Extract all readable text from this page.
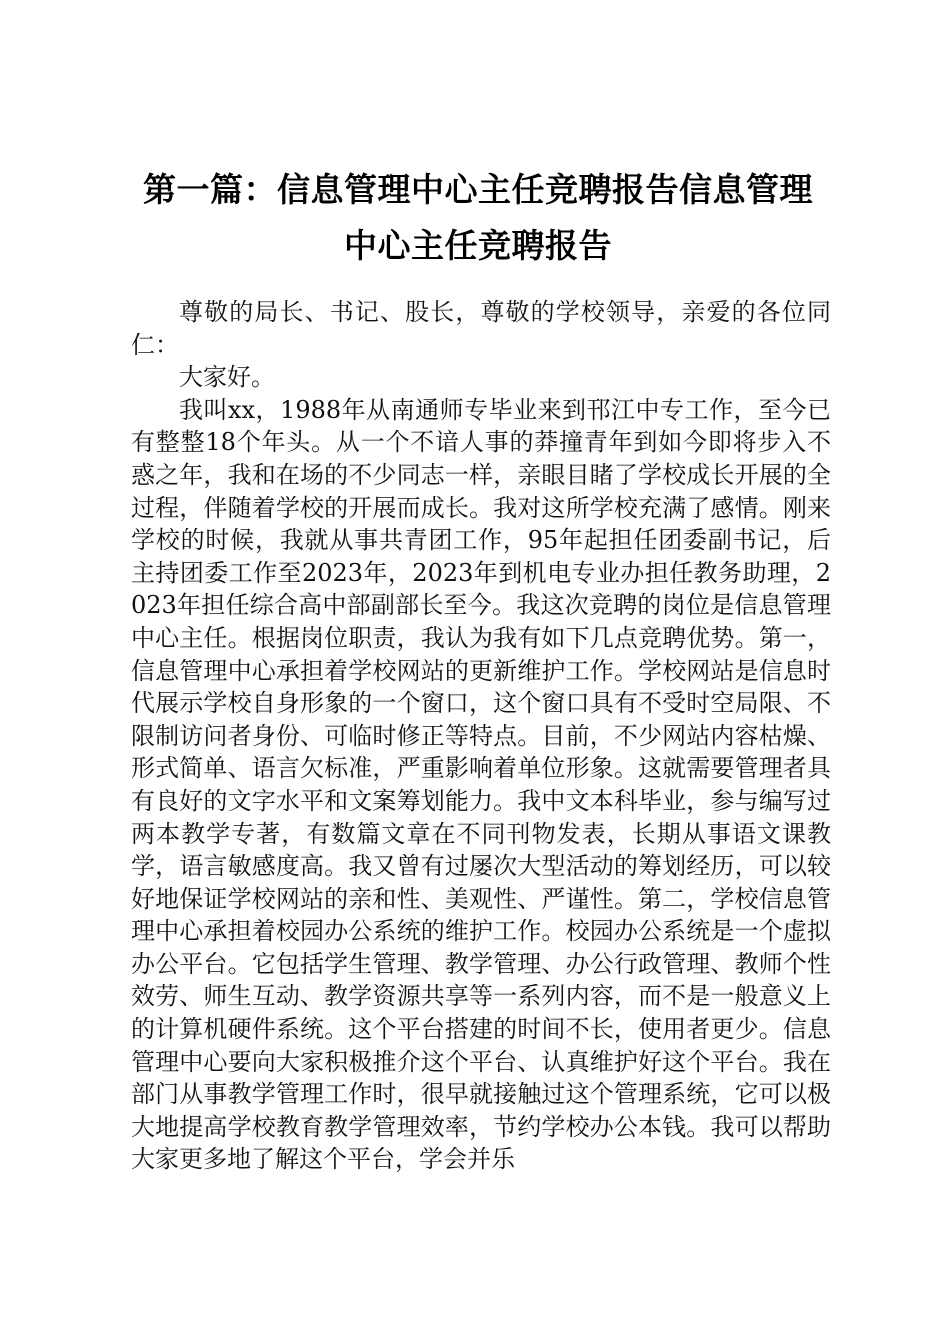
第一篇：信息管理中心主任竞聘报告信息管理
中心主任竞聘报告

尊敬的局长、书记、股长，尊敬的学校领导，亲爱的各位同仁：

大家好。

我叫xx，1988年从南通师专毕业来到邗江中专工作，至今已有整整18个年头。从一个不谙人事的莽撞青年到如今即将步入不惑之年，我和在场的不少同志一样，亲眼目睹了学校成长开展的全过程，伴随着学校的开展而成长。我对这所学校充满了感情。刚来学校的时候，我就从事共青团工作，95年起担任团委副书记，后主持团委工作至2023年，2023年到机电专业办担任教务助理，2023年担任综合高中部副部长至今。我这次竞聘的岗位是信息管理中心主任。根据岗位职责，我认为我有如下几点竞聘优势。第一，信息管理中心承担着学校网站的更新维护工作。学校网站是信息时代展示学校自身形象的一个窗口，这个窗口具有不受时空局限、不限制访问者身份、可临时修正等特点。目前，不少网站内容枯燥、形式简单、语言欠标准，严重影响着单位形象。这就需要管理者具有良好的文字水平和文案筹划能力。我中文本科毕业，参与编写过两本教学专著，有数篇文章在不同刊物发表，长期从事语文课教学，语言敏感度高。我又曾有过屡次大型活动的筹划经历，可以较好地保证学校网站的亲和性、美观性、严谨性。第二，学校信息管理中心承担着校园办公系统的维护工作。校园办公系统是一个虚拟办公平台。它包括学生管理、教学管理、办公行政管理、教师个性效劳、师生互动、教学资源共享等一系列内容，而不是一般意义上的计算机硬件系统。这个平台搭建的时间不长，使用者更少。信息管理中心要向大家积极推介这个平台、认真维护好这个平台。我在部门从事教学管理工作时，很早就接触过这个管理系统，它可以极大地提高学校教育教学管理效率，节约学校办公本钱。我可以帮助大家更多地了解这个平台，学会并乐
